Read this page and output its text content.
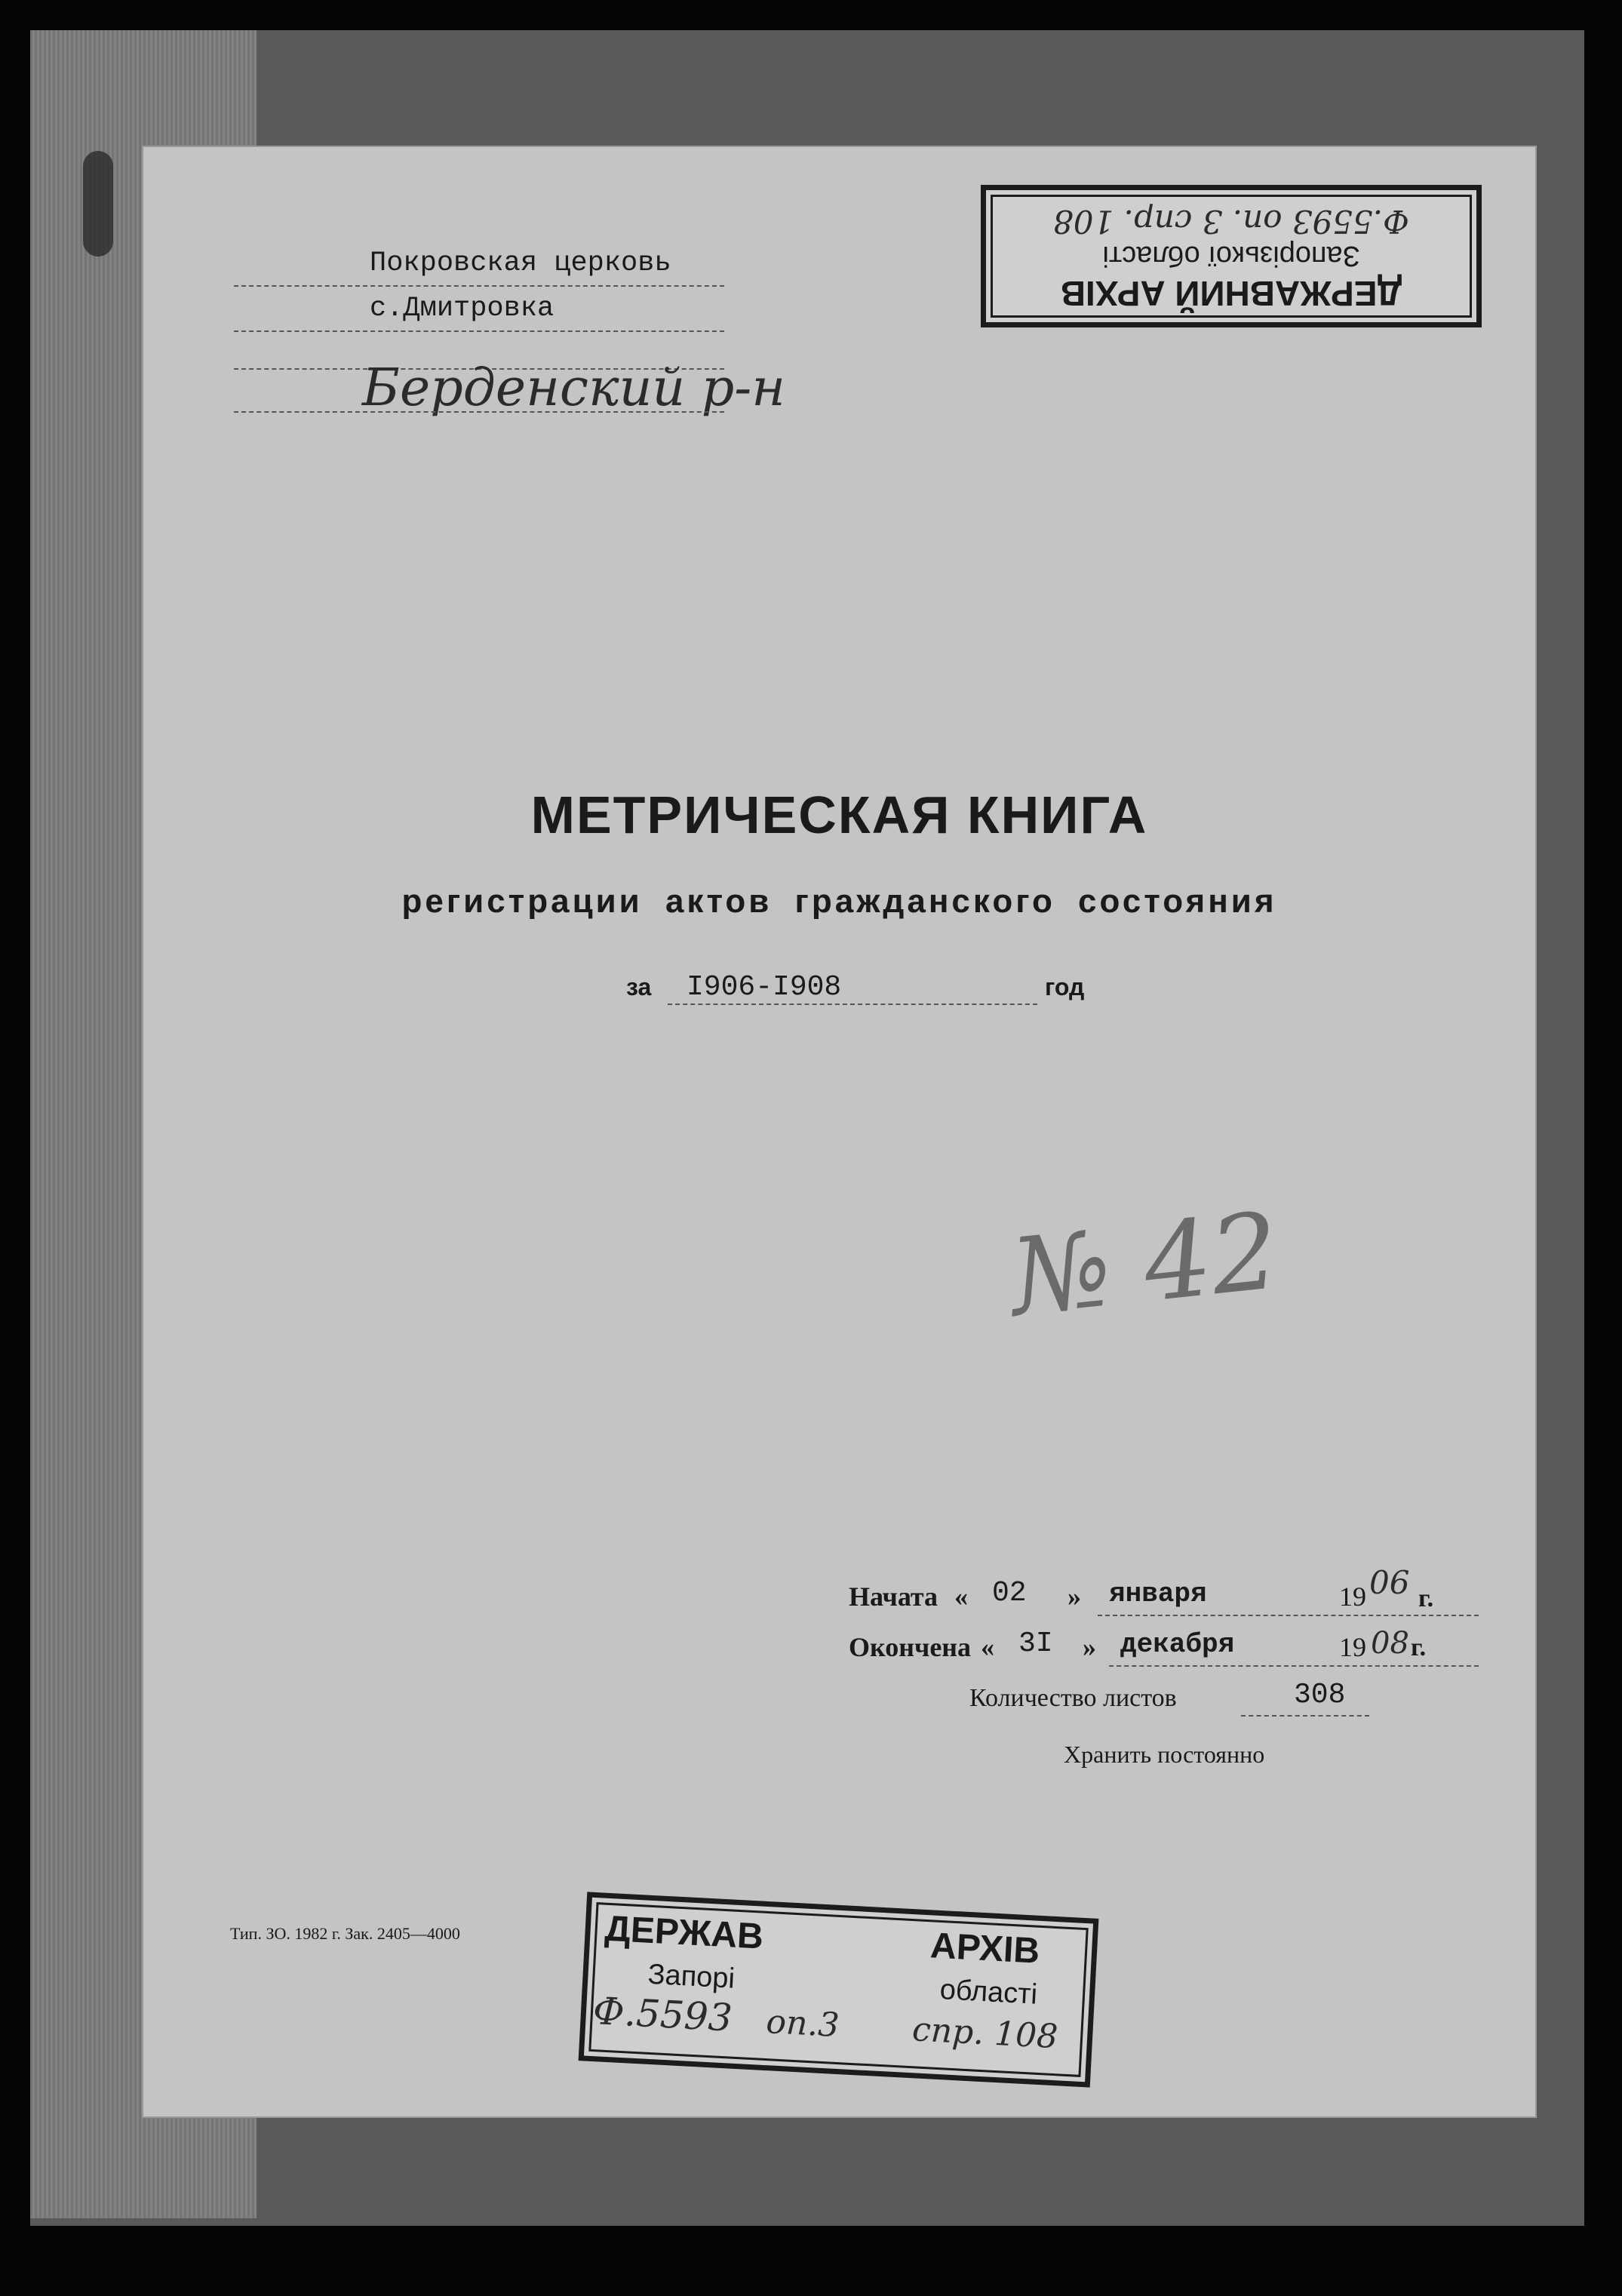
Покровская церковь
с.Дмитровка
Берденский р-н
ДЕРЖАВНИЙ АРХІВ
Запорізької області
Ф.5593 оп. 3 спр. 108
МЕТРИЧЕСКАЯ КНИГА
регистрации актов гражданского состояния
за I906-I908	год
№ 42
Начата « 02 » января	19 06 г.
Окончена « 3I » декабря	19 08 г.
Количество листов	308
Хранить постоянно
Тип. ЗО. 1982 г. Зак. 2405—4000	ДЕРЖАВ	АРХІВ
Запорі	області
Ф.5593 оп.3	спр. 108
